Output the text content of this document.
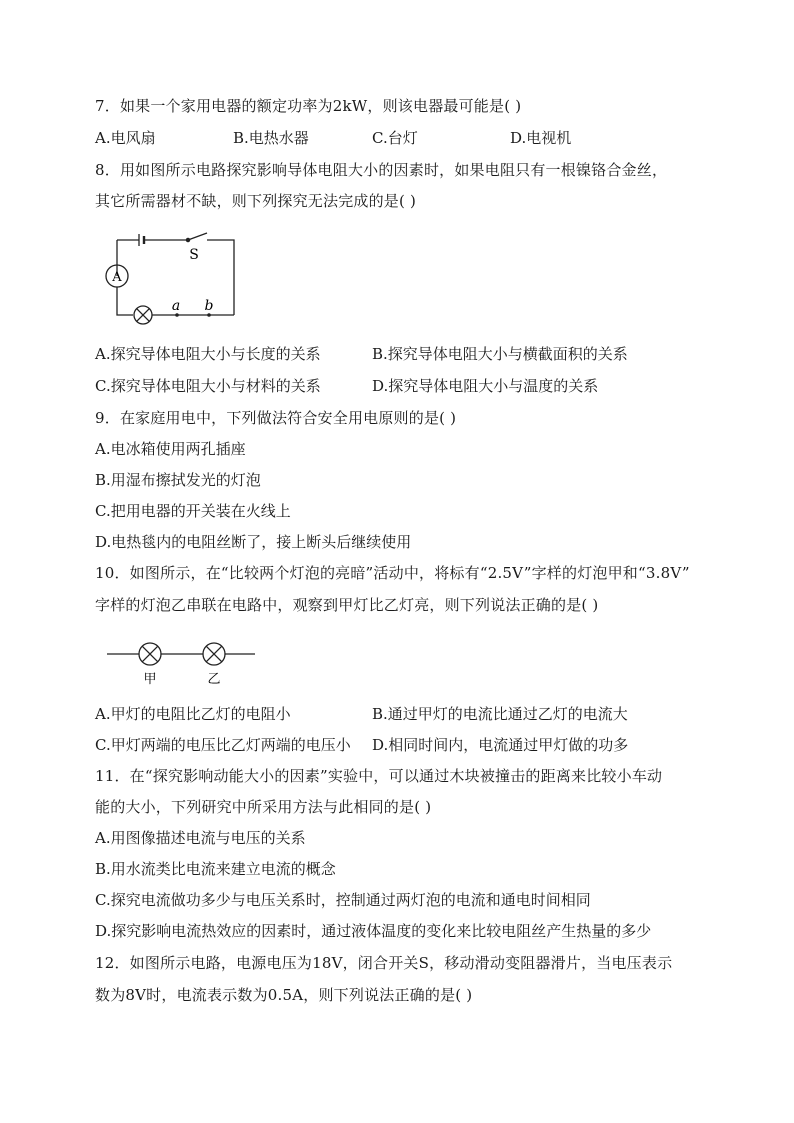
7．如果一个家用电器的额定功率为2kW，则该电器最可能是( )
A.电风扇	B.电热水器	C.台灯	D.电视机
8．用如图所示电路探究影响导体电阻大小的因素时，如果电阻只有一根镍铬合金丝，
其它所需器材不缺，则下列探究无法完成的是( )
A
S
a b
A.探究导体电阻大小与长度的关系	B.探究导体电阻大小与横截面积的关系
C.探究导体电阻大小与材料的关系	D.探究导体电阻大小与温度的关系
9．在家庭用电中，下列做法符合安全用电原则的是( )
A.电冰箱使用两孔插座
B.用湿布擦拭发光的灯泡
C.把用电器的开关装在火线上
D.电热毯内的电阻丝断了，接上断头后继续使用
10．如图所示，在“比较两个灯泡的亮暗”活动中，将标有“2.5V”字样的灯泡甲和“3.8V”
字样的灯泡乙串联在电路中，观察到甲灯比乙灯亮，则下列说法正确的是( )
甲	乙
A.甲灯的电阻比乙灯的电阻小	B.通过甲灯的电流比通过乙灯的电流大
C.甲灯两端的电压比乙灯两端的电压小 D.相同时间内，电流通过甲灯做的功多
11．在“探究影响动能大小的因素”实验中，可以通过木块被撞击的距离来比较小车动
能的大小，下列研究中所采用方法与此相同的是( )
A.用图像描述电流与电压的关系
B.用水流类比电流来建立电流的概念
C.探究电流做功多少与电压关系时，控制通过两灯泡的电流和通电时间相同
D.探究影响电流热效应的因素时，通过液体温度的变化来比较电阻丝产生热量的多少
12．如图所示电路，电源电压为18V，闭合开关S，移动滑动变阻器滑片，当电压表示
数为8V时，电流表示数为0.5A，则下列说法正确的是( )
